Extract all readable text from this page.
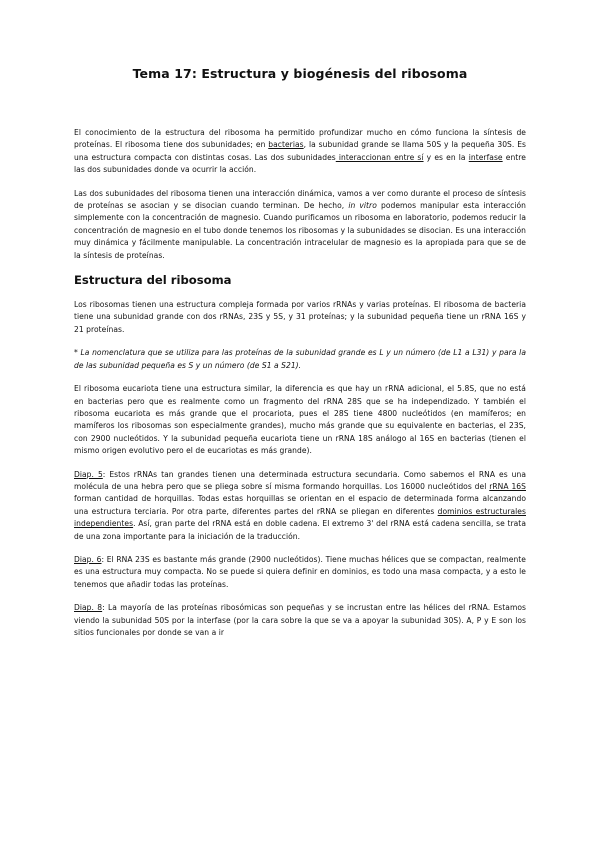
Tema 17: Estructura y biogénesis del ribosoma

El conocimiento de la estructura del ribosoma ha permitido profundizar mucho en cómo funciona la síntesis de proteínas. El ribosoma tiene dos subunidades; en bacterias, la subunidad grande se llama 50S y la pequeña 30S. Es una estructura compacta con distintas cosas. Las dos subunidades interaccionan entre sí y es en la interfase entre las dos subunidades donde va ocurrir la acción.

Las dos subunidades del ribosoma tienen una interacción dinámica, vamos a ver como durante el proceso de síntesis de proteínas se asocian y se disocian cuando terminan. De hecho, in vitro podemos manipular esta interacción simplemente con la concentración de magnesio. Cuando purificamos un ribosoma en laboratorio, podemos reducir la concentración de magnesio en el tubo donde tenemos los ribosomas y la subunidades se disocian. Es una interacción muy dinámica y fácilmente manipulable. La concentración intracelular de magnesio es la apropiada para que se de la síntesis de proteínas.

Estructura del ribosoma

Los ribosomas tienen una estructura compleja formada por varios rRNAs y varias proteínas. El ribosoma de bacteria tiene una subunidad grande con dos rRNAs, 23S y 5S, y 31 proteínas; y la subunidad pequeña tiene un rRNA 16S y 21 proteínas.

* La nomenclatura que se utiliza para las proteínas de la subunidad grande es L y un número (de L1 a L31) y para la de las subunidad pequeña es S y un número (de S1 a S21).

El ribosoma eucariota tiene una estructura similar, la diferencia es que hay un rRNA adicional, el 5.8S, que no está en bacterias pero que es realmente como un fragmento del rRNA 28S que se ha independizado. Y también el ribosoma eucariota es más grande que el procariota, pues el 28S tiene 4800 nucleótidos (en mamíferos; en mamíferos los ribosomas son especialmente grandes), mucho más grande que su equivalente en bacterias, el 23S, con 2900 nucleótidos. Y la subunidad pequeña eucariota tiene un rRNA 18S análogo al 16S en bacterias (tienen el mismo origen evolutivo pero el de eucariotas es más grande).

Diap. 5: Estos rRNAs tan grandes tienen una determinada estructura secundaria. Como sabemos el RNA es una molécula de una hebra pero que se pliega sobre sí misma formando horquillas. Los 16000 nucleótidos del rRNA 16S forman cantidad de horquillas. Todas estas horquillas se orientan en el espacio de determinada forma alcanzando una estructura terciaria. Por otra parte, diferentes partes del rRNA se pliegan en diferentes dominios estructurales independientes. Así, gran parte del rRNA está en doble cadena. El extremo 3' del rRNA está cadena sencilla, se trata de una zona importante para la iniciación de la traducción.

Diap. 6: El RNA 23S es bastante más grande (2900 nucleótidos). Tiene muchas hélices que se compactan, realmente es una estructura muy compacta. No se puede si quiera definir en dominios, es todo una masa compacta, y a esto le tenemos que añadir todas las proteínas.

Diap. 8: La mayoría de las proteínas ribosómicas son pequeñas y se incrustan entre las hélices del rRNA. Estamos viendo la subunidad 50S por la interfase (por la cara sobre la que se va a apoyar la subunidad 30S). A, P y E son los sitios funcionales por donde se van a ir
